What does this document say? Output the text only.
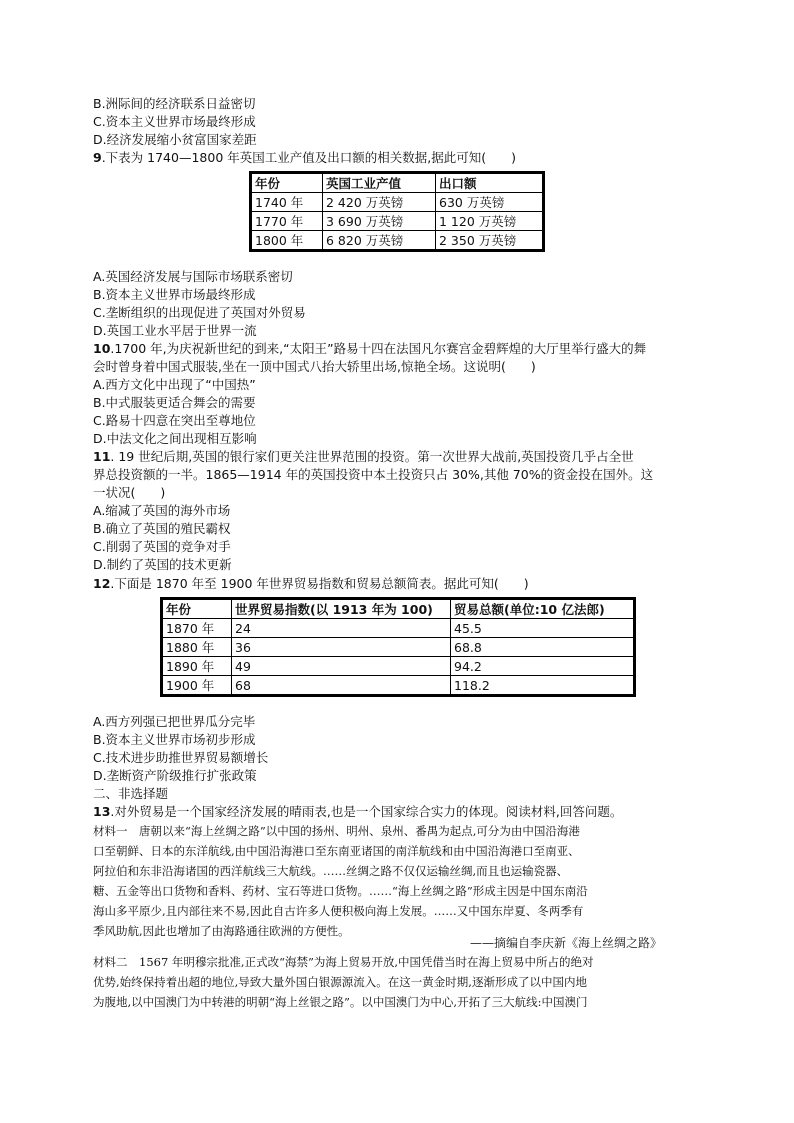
B.洲际间的经济联系日益密切
C.资本主义世界市场最终形成
D.经济发展缩小贫富国家差距
9.下表为 1740—1800 年英国工业产值及出口额的相关数据,据此可知(　　)
年份	英国工业产值	出口额
1740 年	2 420 万英镑	630 万英镑
1770 年	3 690 万英镑	1 120 万英镑
1800 年	6 820 万英镑	2 350 万英镑
A.英国经济发展与国际市场联系密切
B.资本主义世界市场最终形成
C.垄断组织的出现促进了英国对外贸易
D.英国工业水平居于世界一流
10.1700 年,为庆祝新世纪的到来,“太阳王”路易十四在法国凡尔赛宫金碧辉煌的大厅里举行盛大的舞
会时曾身着中国式服装,坐在一顶中国式八抬大轿里出场,惊艳全场。这说明(　　)
A.西方文化中出现了“中国热”
B.中式服装更适合舞会的需要
C.路易十四意在突出至尊地位
D.中法文化之间出现相互影响
11. 19 世纪后期,英国的银行家们更关注世界范围的投资。第一次世界大战前,英国投资几乎占全世
界总投资额的一半。1865—1914 年的英国投资中本土投资只占 30%,其他 70%的资金投在国外。这
一状况(　　)
A.缩减了英国的海外市场
B.确立了英国的殖民霸权
C.削弱了英国的竞争对手
D.制约了英国的技术更新
12.下面是 1870 年至 1900 年世界贸易指数和贸易总额简表。据此可知(　　)
年份	世界贸易指数(以 1913 年为 100)	贸易总额(单位:10 亿法郎)
1870 年	24	45.5
1880 年	36	68.8
1890 年	49	94.2
1900 年	68	118.2
A.西方列强已把世界瓜分完毕
B.资本主义世界市场初步形成
C.技术进步助推世界贸易额增长
D.垄断资产阶级推行扩张政策
二、非选择题
13.对外贸易是一个国家经济发展的晴雨表,也是一个国家综合实力的体现。阅读材料,回答问题。
材料一　唐朝以来“海上丝绸之路”以中国的扬州、明州、泉州、番禺为起点,可分为由中国沿海港
口至朝鲜、日本的东洋航线,由中国沿海港口至东南亚诸国的南洋航线和由中国沿海港口至南亚、
阿拉伯和东非沿海诸国的西洋航线三大航线。……丝绸之路不仅仅运输丝绸,而且也运输瓷器、
糖、五金等出口货物和香料、药材、宝石等进口货物。……“海上丝绸之路”形成主因是中国东南沿
海山多平原少,且内部往来不易,因此自古许多人便积极向海上发展。……又中国东岸夏、冬两季有
季风助航,因此也增加了由海路通往欧洲的方便性。
——摘编自李庆新《海上丝绸之路》
材料二　1567 年明穆宗批准,正式改“海禁”为海上贸易开放,中国凭借当时在海上贸易中所占的绝对
优势,始终保持着出超的地位,导致大量外国白银源源流入。在这一黄金时期,逐渐形成了以中国内地
为腹地,以中国澳门为中转港的明朝“海上丝银之路”。以中国澳门为中心,开拓了三大航线:中国澳门
